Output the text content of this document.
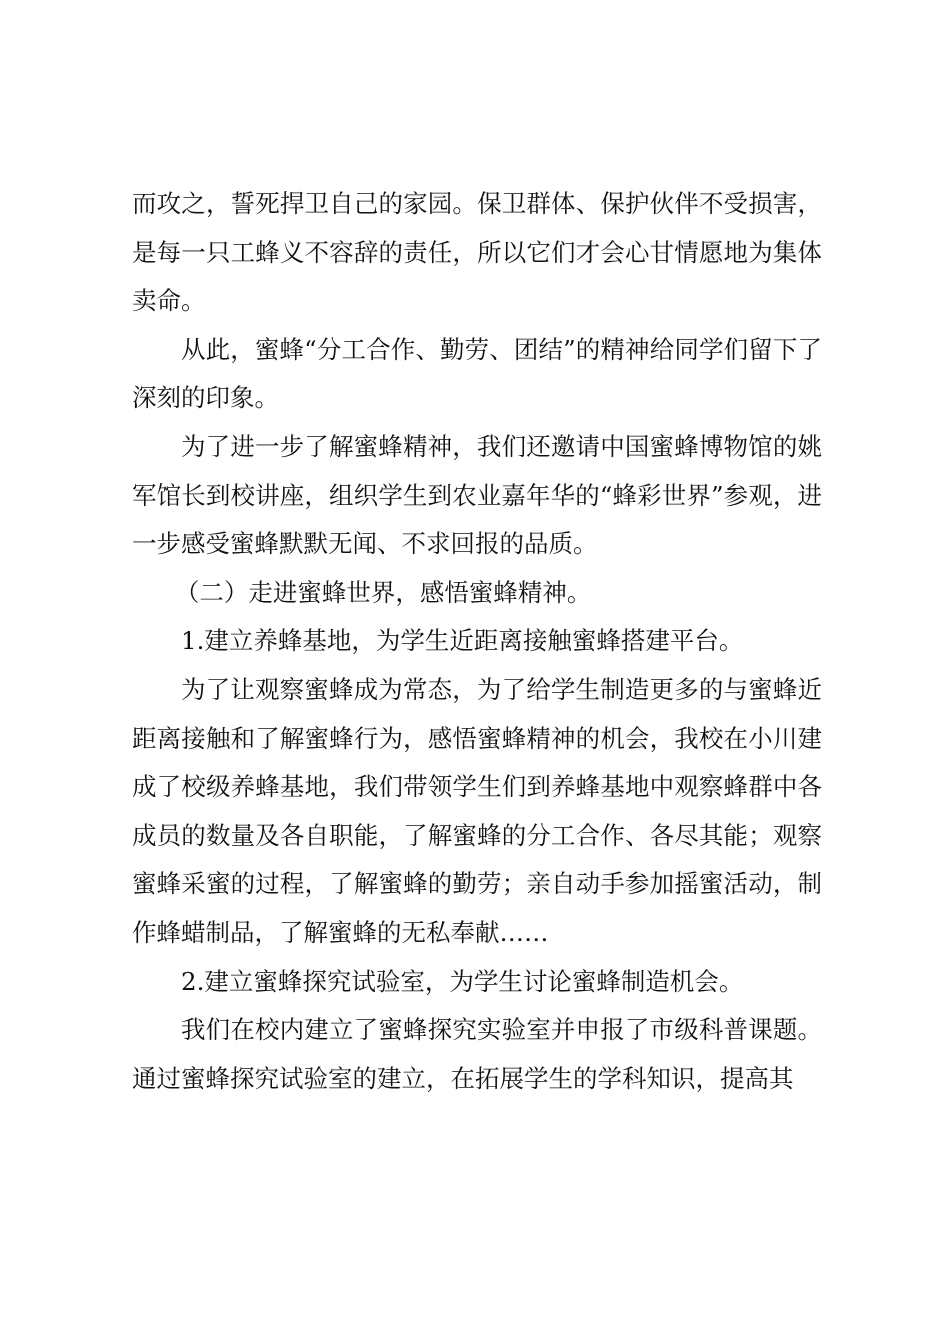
而攻之，誓死捍卫自己的家园。保卫群体、保护伙伴不受损害，是每一只工蜂义不容辞的责任，所以它们才会心甘情愿地为集体卖命。

从此，蜜蜂“分工合作、勤劳、团结”的精神给同学们留下了深刻的印象。

为了进一步了解蜜蜂精神，我们还邀请中国蜜蜂博物馆的姚军馆长到校讲座，组织学生到农业嘉年华的“蜂彩世界”参观，进一步感受蜜蜂默默无闻、不求回报的品质。

（二）走进蜜蜂世界，感悟蜜蜂精神。

1.建立养蜂基地，为学生近距离接触蜜蜂搭建平台。

为了让观察蜜蜂成为常态，为了给学生制造更多的与蜜蜂近距离接触和了解蜜蜂行为，感悟蜜蜂精神的机会，我校在小川建成了校级养蜂基地，我们带领学生们到养蜂基地中观察蜂群中各成员的数量及各自职能，了解蜜蜂的分工合作、各尽其能；观察蜜蜂采蜜的过程，了解蜜蜂的勤劳；亲自动手参加摇蜜活动，制作蜂蜡制品，了解蜜蜂的无私奉献……

2.建立蜜蜂探究试验室，为学生讨论蜜蜂制造机会。

我们在校内建立了蜜蜂探究实验室并申报了市级科普课题。通过蜜蜂探究试验室的建立，在拓展学生的学科知识，提高其
